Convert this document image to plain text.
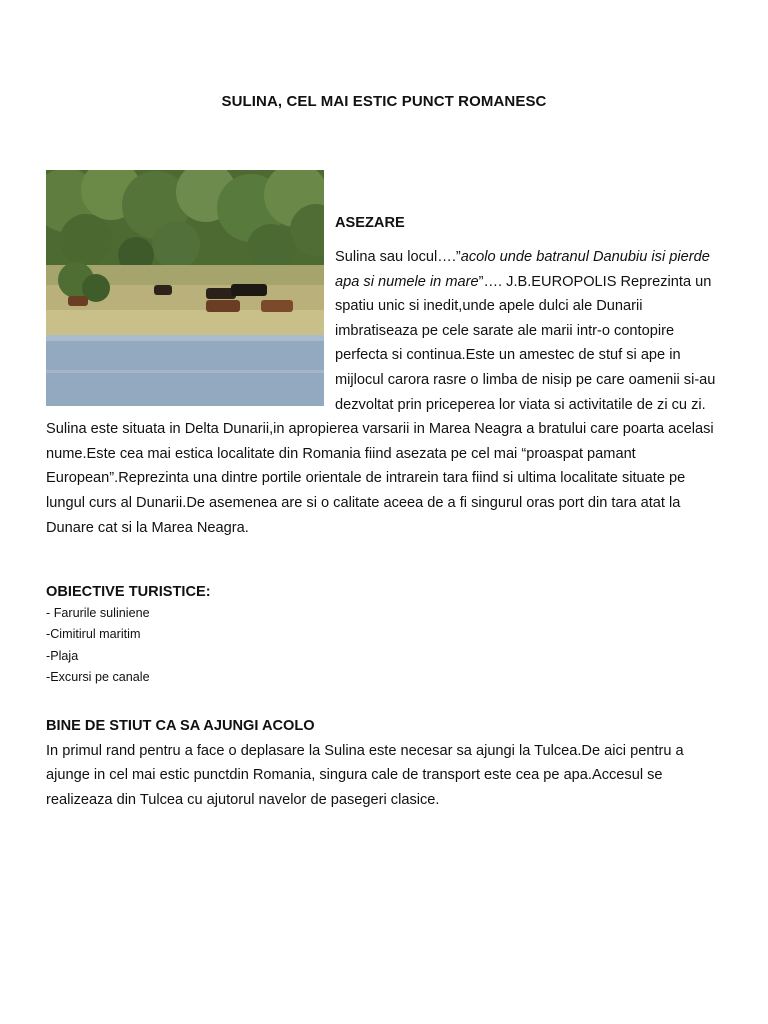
SULINA, CEL MAI ESTIC PUNCT ROMANESC
ASEZARE

Sulina sau locul….”acolo unde batranul Danubiu isi pierde apa si numele in mare”…. J.B.EUROPOLIS Reprezinta un spatiu unic si inedit,unde apele dulci ale Dunarii imbratiseaza pe cele sarate ale marii intr-o contopire perfecta si continua.Este un amestec de stuf si ape in mijlocul carora rasre o limba de nisip pe care oamenii si-au dezvoltat prin priceperea lor viata si activitatile de zi cu zi.

Sulina este situata in Delta Dunarii,in apropierea varsarii in Marea Neagra a bratului care poarta acelasi nume.Este cea mai estica localitate din Romania fiind asezata pe cel mai “proaspat pamant European”.Reprezinta una dintre portile orientale de intrarein tara fiind si ultima localitate situate pe lungul curs al Dunarii.De asemenea are si o calitate aceea de a fi singurul oras port din tara atat la Dunare cat si la Marea Neagra.

OBIECTIVE TURISTICE:
- Farurile suliniene
-Cimitirul maritim
-Plaja
-Excursi pe canale
BINE DE STIUT CA SA AJUNGI ACOLO

In primul rand pentru a face o deplasare la Sulina este necesar sa ajungi la Tulcea.De aici pentru a ajunge in cel mai estic punctdin Romania, singura cale de transport este cea pe apa.Accesul se realizeaza din Tulcea cu ajutorul navelor de pasegeri clasice.
